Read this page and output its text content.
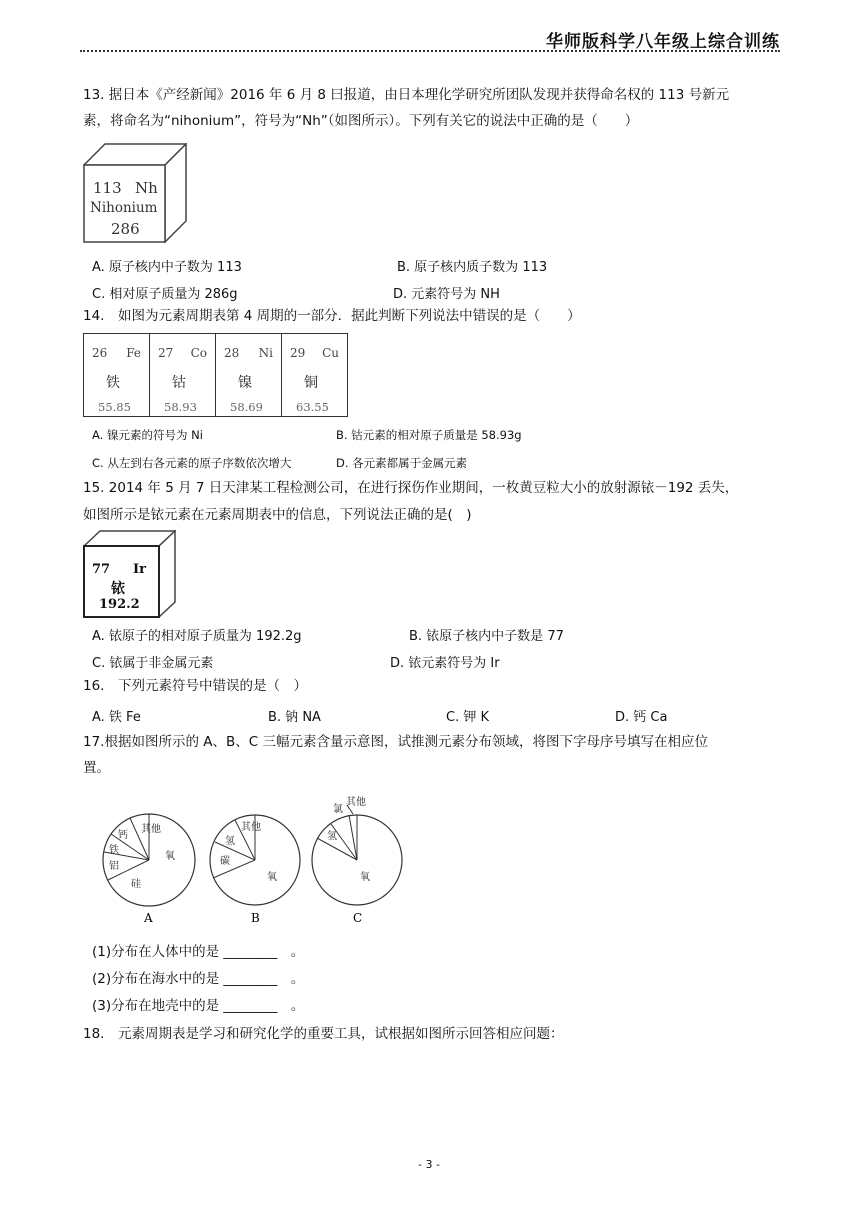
华师版科学八年级上综合训练
13. 据日本《产经新闻》2016 年 6 月 8 曰报道，由日本理化学研究所团队发现并获得命名权的 113 号新元
素，将命名为“nihonium”，符号为“Nh”（如图所示）。下列有关它的说法中正确的是（　　）
113 Nh
Nihonium
286
A. 原子核内中子数为 113	B. 原子核内质子数为 113
C. 相对原子质量为 286g	D. 元素符号为 NH
14.　如图为元素周期表第 4 周期的一部分．据此判断下列说法中错误的是（　　）
26 Fe
铁
55.85

27 Co
钴
58.93

28 Ni
镍
58.69

29 Cu
铜
63.55
A. 镍元素的符号为 Ni	B. 钴元素的相对原子质量是 58.93g
C. 从左到右各元素的原子序数依次增大	D. 各元素都属于金属元素
15. 2014 年 5 月 7 日天津某工程检测公司，在进行探伤作业期间，一枚黄豆粒大小的放射源铱－192 丢失，
如图所示是铱元素在元素周期表中的信息，下列说法正确的是(　)
77 Ir
铱
192.2
A. 铱原子的相对原子质量为 192.2g	B. 铱原子核内中子数是 77
C. 铱属于非金属元素	D. 铱元素符号为 Ir
16.　下列元素符号中错误的是（　）
A. 铁 Fe	B. 钠 NA	C. 钾 K	D. 钙 Ca
17.根据如图所示的 A、B、C 三幅元素含量示意图，试推测元素分布领域，将图下字母序号填写在相应位
置。
其他
钙
铁
铝
硅
氧
其他
氢
碳
氧
其他
氯
氢
氧
A	B	C
(1)分布在人体中的是 ________　。
(2)分布在海水中的是 ________　。
(3)分布在地壳中的是 ________　。
18.　元素周期表是学习和研究化学的重要工具，试根据如图所示回答相应问题：
- 3 -
